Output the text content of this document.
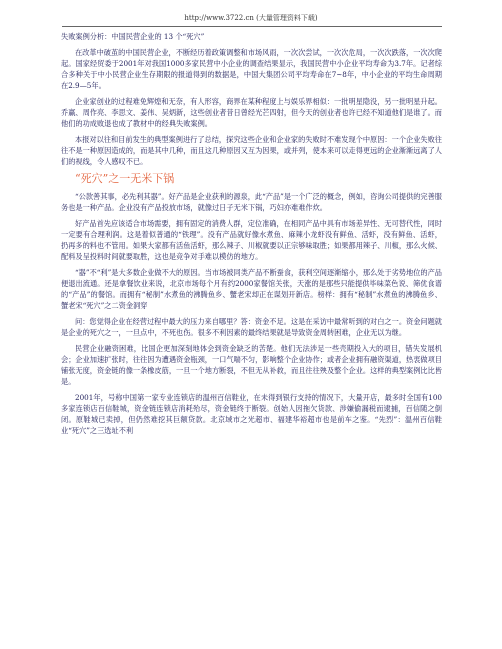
http://www.3722.cn (大量管理资料下载)

失败案例分析：中国民营企业的 13 个“死穴”

在改革中破茧的中国民营企业，不断经历着政策调整和市场风雨，一次次尝试，一次次危局，一次次跌落，一次次爬起。国家经贸委于2001年对我国1000多家民营中小企业的调查结果显示，我国民营中小企业平均寿命为3.7年。记者综合多种关于中小民营企业生存期限的报道得到的数据是，中国大集团公司平均寿命在7~8年，中小企业的平均生命周期在2.9—5年。

企业家创业的过程难免辉煌和无奈，有人形容，商界在某种程度上与娱乐界相似：一批明星隐没，另一批明星升起。乔赢、周作亮、李思文、姜伟、吴炳新，这些创业者昔日曾经光芒四射，但今天的创业者也许已经不知道他们是谁了。而他们的功成败退也成了教材中的经典失败案例。

本报对以往和目前发生的典型案例进行了总结，探究这些企业和企业家的失败时不难发现个中原因：一个企业失败往往不是一种原因造成的，而是其中几种，而且这几种原因又互为因果，或并列，使本来可以走得更远的企业渐渐远离了人们的视线，令人感叹不已。

“死穴”之一无米下锅

“公款善其事，必先利其器”。好产品是企业获利的源泉，此“产品”是一个广泛的概念，例如，咨询公司提供的完善服务也是一种产品。企业没有产品投放市场，就像过日子无米下锅，巧妇亦难难作炊。

好产品首先应该适合市场需要，拥有固定的消费人群，定位准确，在相同产品中具有市场差异性、无可替代性，同时一定要有合理利润。这是着似普通的“铁理”。没有产品就好像水煮鱼、麻辣小龙虾没有鲜鱼、活虾，没有鲜鱼、活虾，扔再多的料也不管用。如果大家都有活鱼活虾，那么辣子、川椒就要以正宗够味取胜；如果都用辣子、川椒，那么火候、配料及呈投料时间就要取胜，这也是竞争对手难以模仿的地方。

“器”不“利”是大多数企业做不大的原因。当市场被同类产品不断蚕食，获利空间逐渐缩小，那么处于劣势地位的产品便退出流通。还是拿餐饮业来说，北京市场每个月有约2000家餐馆关张，天涨的是那些只能提供毕味菜色说、筛优食谱的“产品”的餐馆。而拥有“秘制”水煮鱼的沸腾鱼乡、蟹老宋却正在谋划开新店。榜样：拥有“秘制”水煮鱼的沸腾鱼乡、蟹老宋“死穴”之二资金洞穿

问：您觉得企业在经营过程中最大的压力来自哪里？答：资金不足。这是在采访中最常听到的对白之一。资金问题就是企业的死穴之一，一旦点中，不死也伤。很多不利因素的最终结果就是导致资金周转困难，企业无以为继。

民营企业融资困难，比国企更加深刻地体会到资金缺乏的苦楚。他们无法涉足一些壳期投入大的项目，错失发展机会；企业加速扩张时，往往因为遭遇资金瓶颈，一口气喘不匀，影响整个企业协作；或者企业拥有融资渠道，热衷做项目铺张无度，资金链的像一条橡皮筋，一旦一个地方断裂，不但无从补救，而且往往殃及整个企业。这样的典型案例比比皆是。

2001年，号称中国第一家专业连锁店的温州百信鞋业，在未得到银行支持的情况下，大量开店，最多时全国有100多家连锁店百信鞋城，资金链连锁店消耗殆尽，资金链终于断裂。创始人因拖欠货款、涉嫌偷漏税而逮捕，百信随之倒闭。原鞋城已卖掉，但仍然难挖其巨额贷款。北京域市之光超市、福建华裕超市也是前车之鉴。“先烈”：温州百信鞋业“死穴”之三选址不利
